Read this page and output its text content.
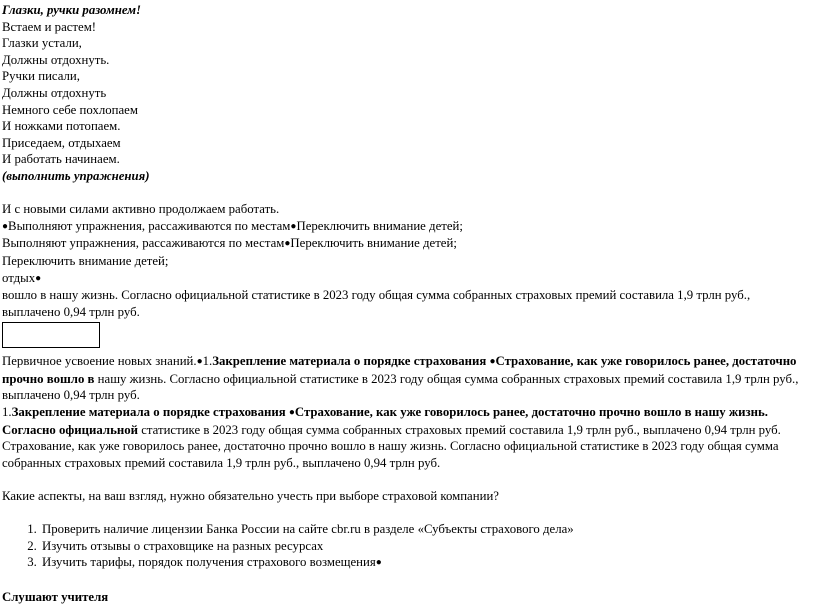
Глазки, ручки разомнем!
Встаем и растем!
Глазки устали,
Должны отдохнуть.
Ручки писали,
Должны отдохнуть
Немного себе похлопаем
И ножками потопаем.
Приседаем, отдыхаем
И работать начинаем.
(выполнить упражнения)
И с новыми силами активно продолжаем работать.
●Выполняют упражнения, рассаживаются по местам●Переключить внимание детей;
Выполняют упражнения, рассаживаются по местам●Переключить внимание детей;
Переключить внимание детей;
отдых●
вошло в нашу жизнь. Согласно официальной статистике в 2023 году общая сумма собранных страховых премий составила 1,9 трлн руб., выплачено 0,94 трлн руб.
Первичное усвоение новых знаний.●1.Закрепление материала о порядке страхования ●Страхование, как уже говорилось ранее, достаточно прочно вошло в нашу жизнь. Согласно официальной статистике в 2023 году общая сумма собранных страховых премий составила 1,9 трлн руб., выплачено 0,94 трлн руб.
1.Закрепление материала о порядке страхования ●Страхование, как уже говорилось ранее, достаточно прочно вошло в нашу жизнь. Согласно официальной статистике в 2023 году общая сумма собранных страховых премий составила 1,9 трлн руб., выплачено 0,94 трлн руб.
Страхование, как уже говорилось ранее, достаточно прочно вошло в нашу жизнь. Согласно официальной статистике в 2023 году общая сумма собранных страховых премий составила 1,9 трлн руб., выплачено 0,94 трлн руб.
Какие аспекты, на ваш взгляд, нужно обязательно учесть при выборе страховой компании?
1. Проверить наличие лицензии Банка России на сайте cbr.ru в разделе «Субъекты страхового дела»
2. Изучить отзывы о страховщике на разных ресурсах
3. Изучить тарифы, порядок получения страхового возмещения●
Слушают учителя
